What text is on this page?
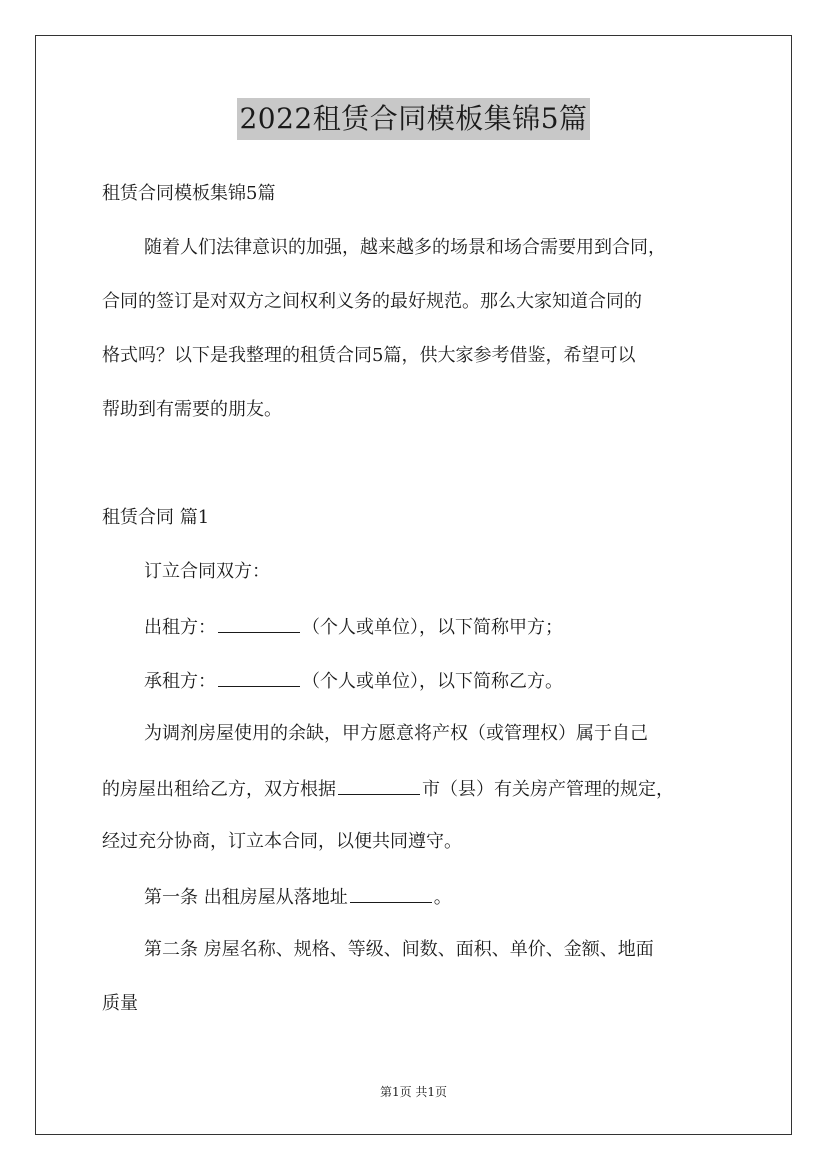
2022租赁合同模板集锦5篇
租赁合同模板集锦5篇
随着人们法律意识的加强，越来越多的场景和场合需要用到合同，
合同的签订是对双方之间权利义务的最好规范。那么大家知道合同的
格式吗？以下是我整理的租赁合同5篇，供大家参考借鉴，希望可以
帮助到有需要的朋友。
租赁合同 篇1
订立合同双方：
出租方：	（个人或单位），以下简称甲方；
承租方：	（个人或单位），以下简称乙方。
为调剂房屋使用的余缺，甲方愿意将产权（或管理权）属于自己
的房屋出租给乙方，双方根据	市（县）有关房产管理的规定，
经过充分协商，订立本合同，以便共同遵守。
第一条 出租房屋从落地址	。
第二条 房屋名称、规格、等级、间数、面积、单价、金额、地面
质量
第1页 共1页
